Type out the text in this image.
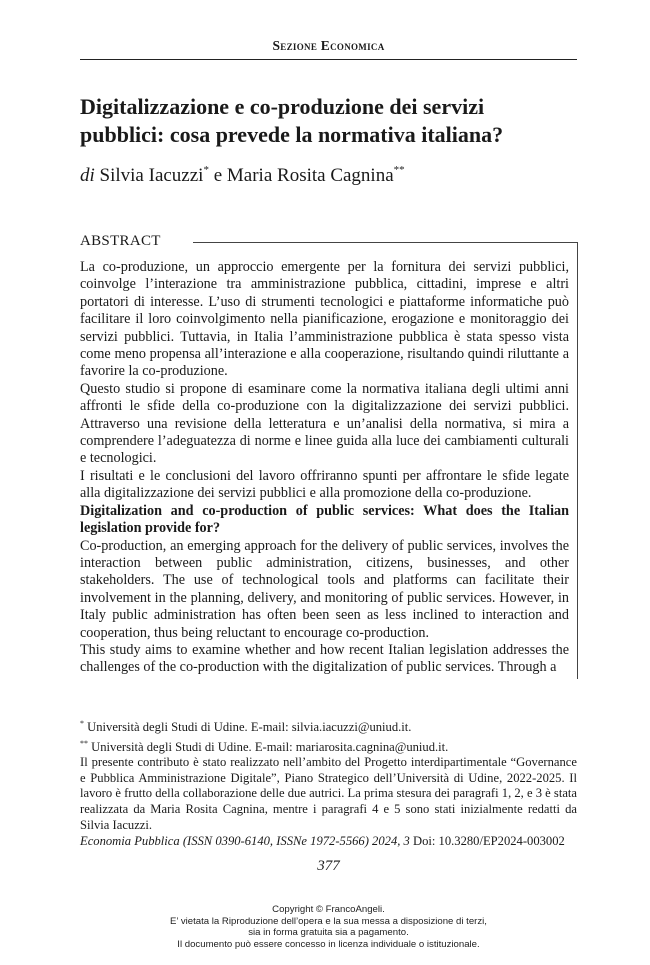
Sezione Economica
Digitalizzazione e co-produzione dei servizi
pubblici: cosa prevede la normativa italiana?
di Silvia Iacuzzi* e Maria Rosita Cagnina**
ABSTRACT

La co-produzione, un approccio emergente per la fornitura dei servizi pubblici, coinvolge l’interazione tra amministrazione pubblica, cittadini, imprese e altri portatori di interesse. L’uso di strumenti tecnologici e piattaforme informatiche può facilitare il loro coinvolgimento nella pianificazione, erogazione e monitoraggio dei servizi pubblici. Tuttavia, in Italia l’amministrazione pubblica è stata spesso vista come meno propensa all’interazione e alla cooperazione, risultando quindi riluttante a favorire la co-produzione.

Questo studio si propone di esaminare come la normativa italiana degli ultimi anni affronti le sfide della co-produzione con la digitalizzazione dei servizi pubblici. Attraverso una revisione della letteratura e un’analisi della normativa, si mira a comprendere l’adeguatezza di norme e linee guida alla luce dei cambiamenti culturali e tecnologici.

I risultati e le conclusioni del lavoro offriranno spunti per affrontare le sfide legate alla digitalizzazione dei servizi pubblici e alla promozione della co-produzione.

Digitalization and co-production of public services: What does the Italian legislation provide for?

Co-production, an emerging approach for the delivery of public services, involves the interaction between public administration, citizens, businesses, and other stakeholders. The use of technological tools and platforms can facilitate their involvement in the planning, delivery, and monitoring of public services. However, in Italy public administration has often been seen as less inclined to interaction and cooperation, thus being reluctant to encourage co-production.

This study aims to examine whether and how recent Italian legislation addresses the challenges of the co-production with the digitalization of public services. Through a

* Università degli Studi di Udine. E-mail: silvia.iacuzzi@uniud.it.

** Università degli Studi di Udine. E-mail: mariarosita.cagnina@uniud.it.

Il presente contributo è stato realizzato nell’ambito del Progetto interdipartimentale “Governance e Pubblica Amministrazione Digitale”, Piano Strategico dell’Università di Udine, 2022-2025. Il lavoro è frutto della collaborazione delle due autrici. La prima stesura dei paragrafi 1, 2, e 3 è stata realizzata da Maria Rosita Cagnina, mentre i paragrafi 4 e 5 sono stati inizialmente redatti da Silvia Iacuzzi.

Economia Pubblica (ISSN 0390-6140, ISSNe 1972-5566) 2024, 3 Doi: 10.3280/EP2024-003002
377
Copyright © FrancoAngeli.
E’ vietata la Riproduzione dell’opera e la sua messa a disposizione di terzi,
sia in forma gratuita sia a pagamento.
Il documento può essere concesso in licenza individuale o istituzionale.
